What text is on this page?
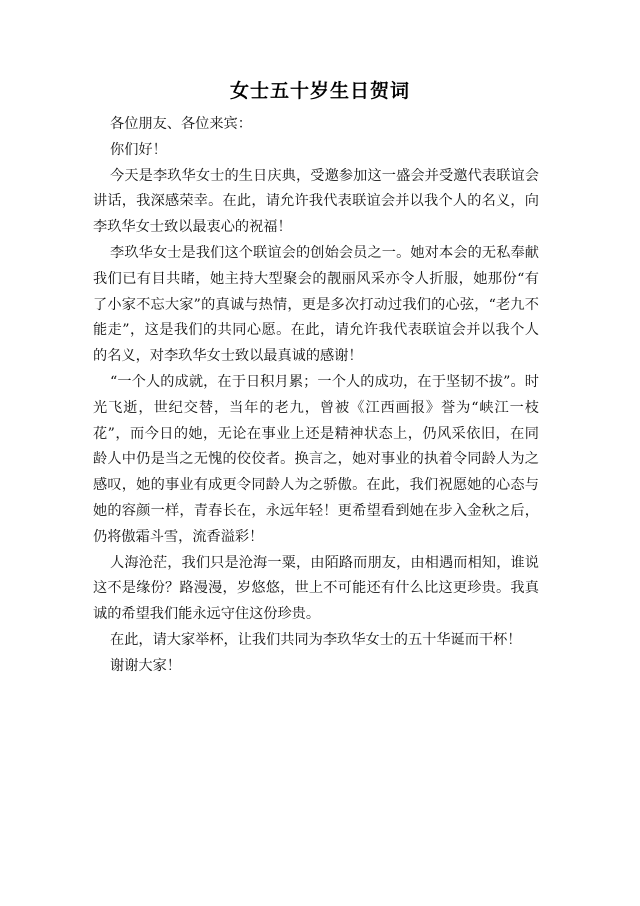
女士五十岁生日贺词

各位朋友、各位来宾：

你们好！

今天是李玖华女士的生日庆典，受邀参加这一盛会并受邀代表联谊会讲话，我深感荣幸。在此，请允许我代表联谊会并以我个人的名义，向李玖华女士致以最衷心的祝福！

李玖华女士是我们这个联谊会的创始会员之一。她对本会的无私奉献我们已有目共睹，她主持大型聚会的靓丽风采亦令人折服，她那份“有了小家不忘大家”的真诚与热情，更是多次打动过我们的心弦，“老九不能走”，这是我们的共同心愿。在此，请允许我代表联谊会并以我个人的名义，对李玖华女士致以最真诚的感谢！

“一个人的成就，在于日积月累；一个人的成功，在于坚韧不拔”。时光飞逝，世纪交替，当年的老九，曾被《江西画报》誉为“峡江一枝花”，而今日的她，无论在事业上还是精神状态上，仍风采依旧，在同龄人中仍是当之无愧的佼佼者。换言之，她对事业的执着令同龄人为之感叹，她的事业有成更令同龄人为之骄傲。在此，我们祝愿她的心态与她的容颜一样，青春长在，永远年轻！更希望看到她在步入金秋之后，仍将傲霜斗雪，流香溢彩！

人海沧茫，我们只是沧海一粟，由陌路而朋友，由相遇而相知，谁说这不是缘份？路漫漫，岁悠悠，世上不可能还有什么比这更珍贵。我真诚的希望我们能永远守住这份珍贵。

在此，请大家举杯，让我们共同为李玖华女士的五十华诞而干杯！

谢谢大家！
